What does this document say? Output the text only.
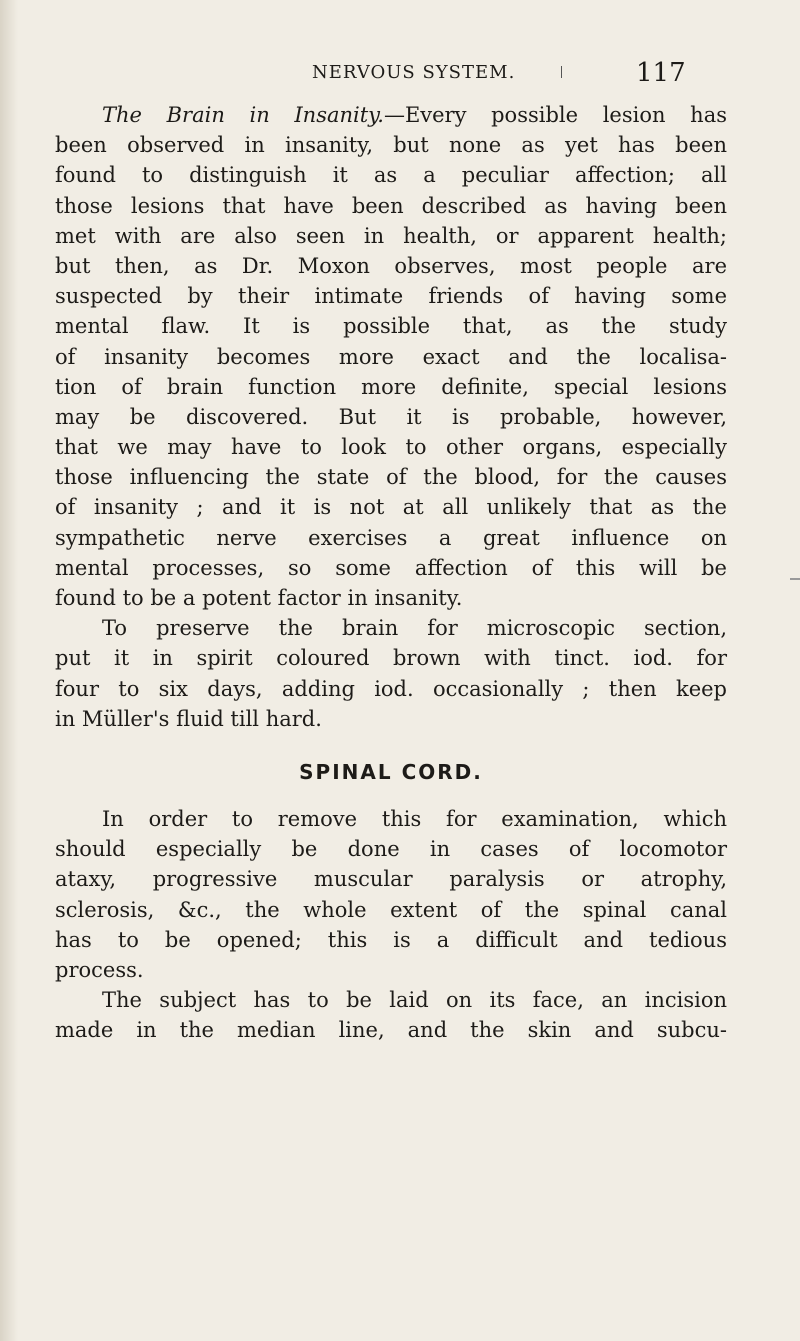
NERVOUS SYSTEM.	117
The Brain in Insanity.—Every possible lesion has
been observed in insanity, but none as yet has been
found to distinguish it as a peculiar affection; all
those lesions that have been described as having been
met with are also seen in health, or apparent health;
but then, as Dr. Moxon observes, most people are
suspected by their intimate friends of having some
mental flaw. It is possible that, as the study
of insanity becomes more exact and the localisa-
tion of brain function more definite, special lesions
may be discovered. But it is probable, however,
that we may have to look to other organs, especially
those influencing the state of the blood, for the causes
of insanity ; and it is not at all unlikely that as the
sympathetic nerve exercises a great influence on
mental processes, so some affection of this will be
found to be a potent factor in insanity.
To preserve the brain for microscopic section,
put it in spirit coloured brown with tinct. iod. for
four to six days, adding iod. occasionally ; then keep
in Müller's fluid till hard.
SPINAL CORD.
In order to remove this for examination, which
should especially be done in cases of locomotor
ataxy, progressive muscular paralysis or atrophy,
sclerosis, &c., the whole extent of the spinal canal
has to be opened; this is a difficult and tedious
process.
The subject has to be laid on its face, an incision
made in the median line, and the skin and subcu-
